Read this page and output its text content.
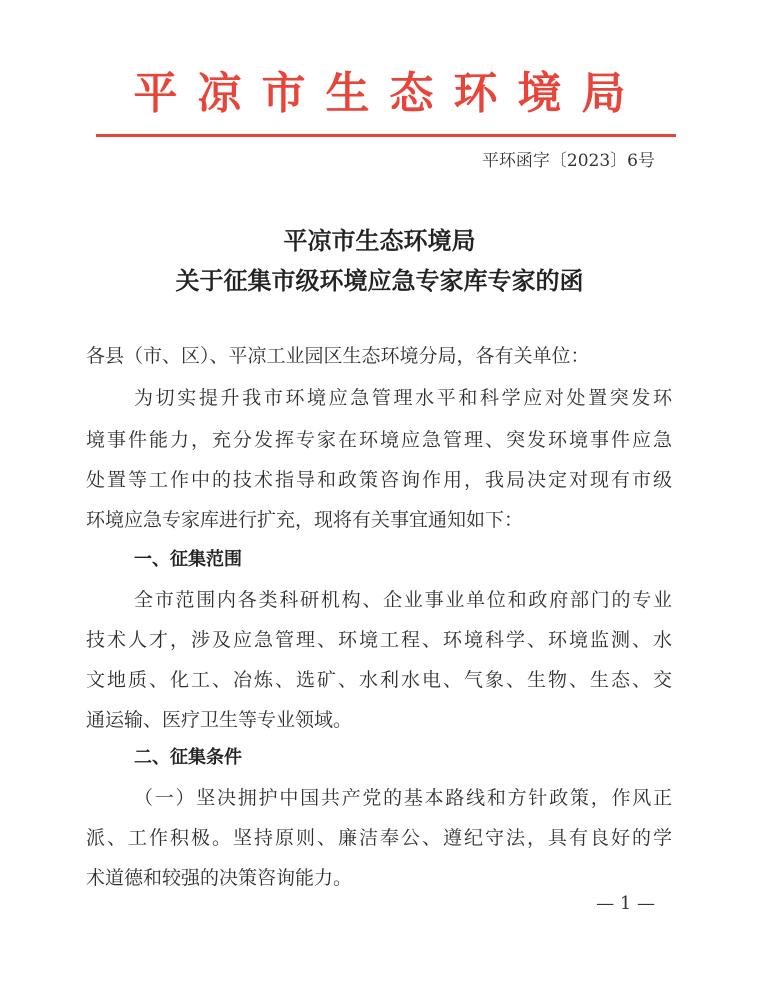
平凉市生态环境局
平环函字〔2023〕6号
平凉市生态环境局
关于征集市级环境应急专家库专家的函
各县（市、区）、平凉工业园区生态环境分局，各有关单位：
为切实提升我市环境应急管理水平和科学应对处置突发环
境事件能力，充分发挥专家在环境应急管理、突发环境事件应急
处置等工作中的技术指导和政策咨询作用，我局决定对现有市级
环境应急专家库进行扩充，现将有关事宜通知如下：
一、征集范围
全市范围内各类科研机构、企业事业单位和政府部门的专业
技术人才，涉及应急管理、环境工程、环境科学、环境监测、水
文地质、化工、冶炼、选矿、水利水电、气象、生物、生态、交
通运输、医疗卫生等专业领域。
二、征集条件
（一）坚决拥护中国共产党的基本路线和方针政策，作风正
派、工作积极。坚持原则、廉洁奉公、遵纪守法，具有良好的学
术道德和较强的决策咨询能力。
— 1 —
